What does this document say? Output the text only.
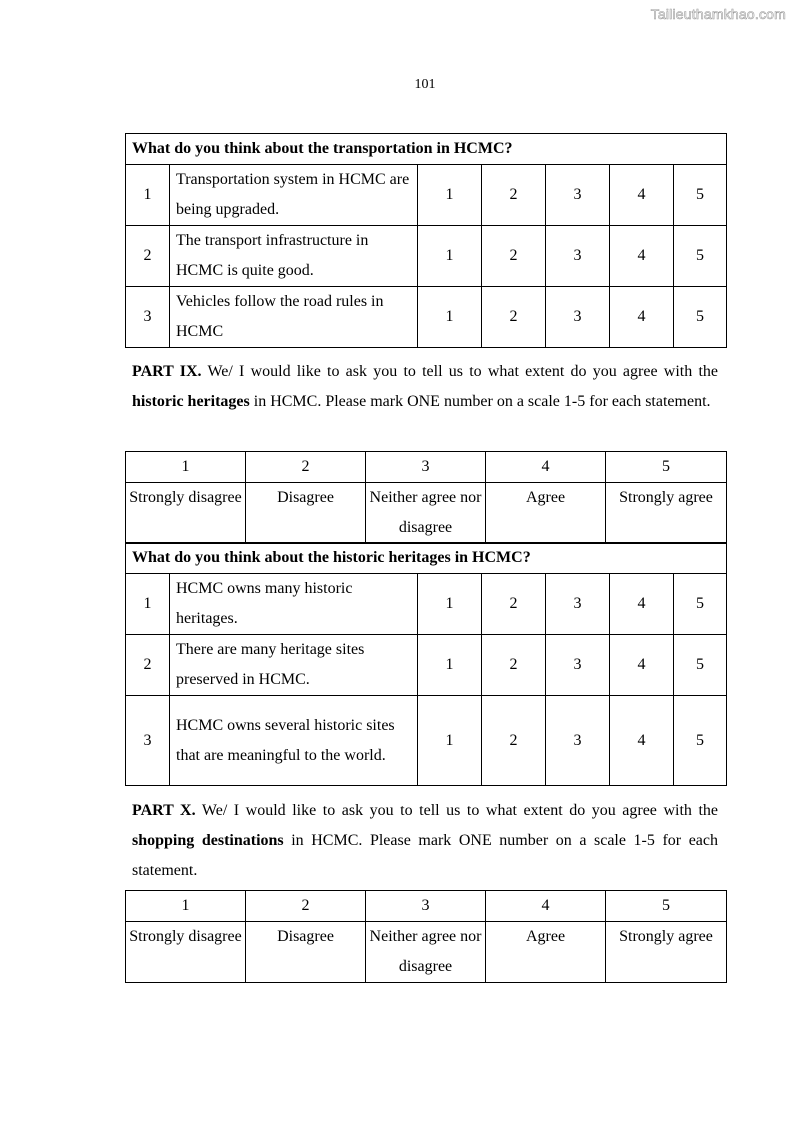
Tailieuthamkhao.com
101
What do you think about the transportation in HCMC?						
1	Transportation system in HCMC are being upgraded.	1	2	3	4	5
2	The transport infrastructure in HCMC is quite good.	1	2	3	4	5
3	Vehicles follow the road rules in HCMC	1	2	3	4	5
PART IX. We/ I would like to ask you to tell us to what extent do you agree with the historic heritages in HCMC. Please mark ONE number on a scale 1-5 for each statement.
1	2	3	4	5
Strongly disagree	Disagree	Neither agree nor disagree	Agree	Strongly agree
What do you think about the historic heritages in HCMC?						
1	HCMC owns many historic heritages.	1	2	3	4	5
2	There are many heritage sites preserved in HCMC.	1	2	3	4	5
3	HCMC owns several historic sites that are meaningful to the world.	1	2	3	4	5
PART X. We/ I would like to ask you to tell us to what extent do you agree with the shopping destinations in HCMC. Please mark ONE number on a scale 1-5 for each statement.
1	2	3	4	5
Strongly disagree	Disagree	Neither agree nor disagree	Agree	Strongly agree
